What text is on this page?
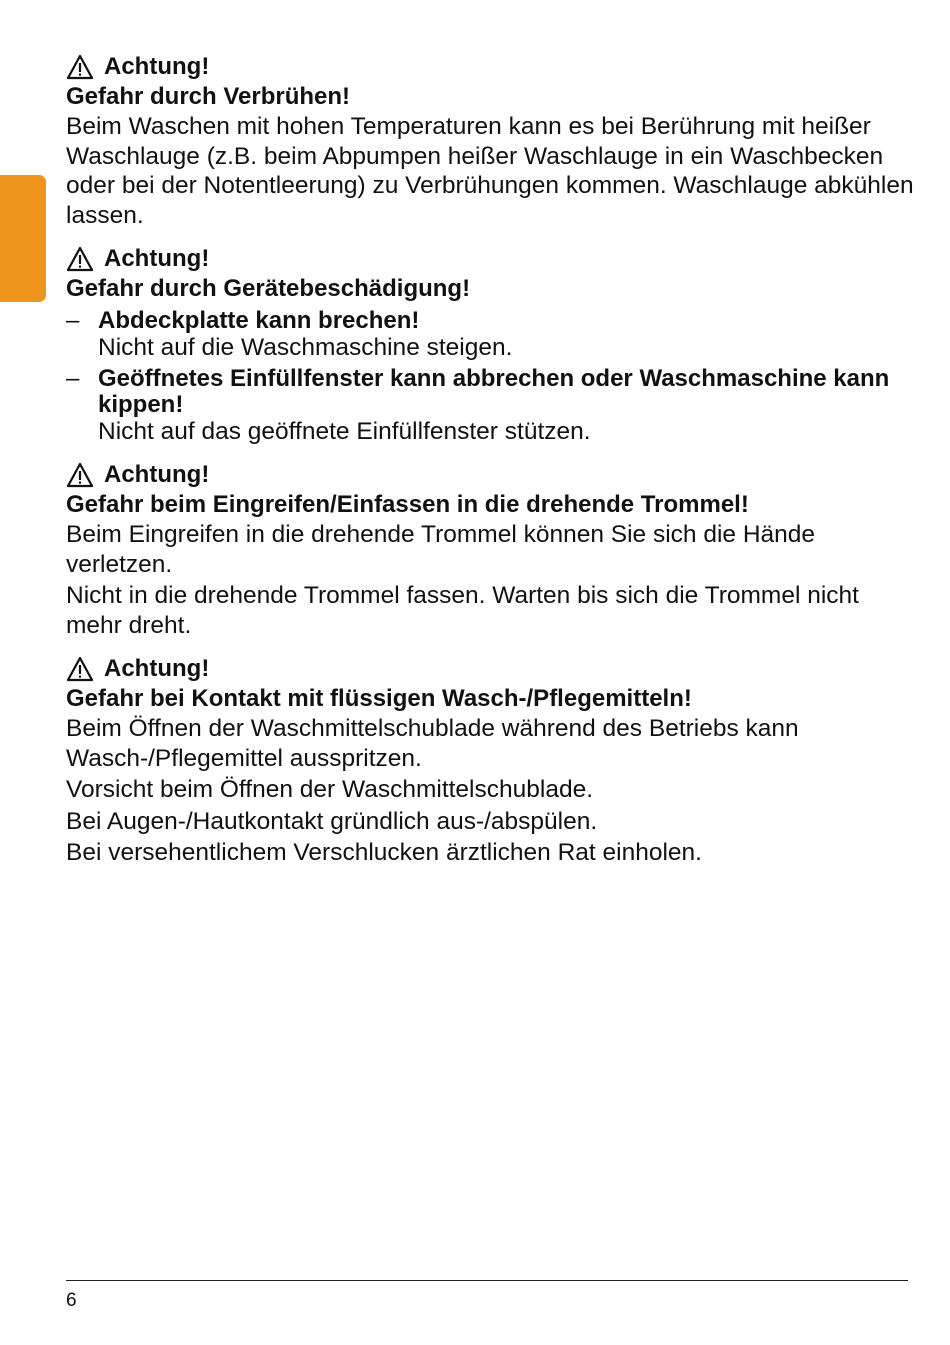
Achtung!
Gefahr durch Verbrühen!
Beim Waschen mit hohen Temperaturen kann es bei Berührung mit heißer Waschlauge (z.B. beim Abpumpen heißer Waschlauge in ein Waschbecken oder bei der Notentleerung) zu Verbrühungen kommen. Waschlauge abkühlen lassen.
Achtung!
Gefahr durch Gerätebeschädigung!
– Abdeckplatte kann brechen!
Nicht auf die Waschmaschine steigen.
– Geöffnetes Einfüllfenster kann abbrechen oder Waschmaschine kann kippen!
Nicht auf das geöffnete Einfüllfenster stützen.
Achtung!
Gefahr beim Eingreifen/Einfassen in die drehende Trommel!
Beim Eingreifen in die drehende Trommel können Sie sich die Hände verletzen.
Nicht in die drehende Trommel fassen. Warten bis sich die Trommel nicht mehr dreht.
Achtung!
Gefahr bei Kontakt mit flüssigen Wasch-/Pflegemitteln!
Beim Öffnen der Waschmittelschublade während des Betriebs kann Wasch-/Pflegemittel ausspritzen.
Vorsicht beim Öffnen der Waschmittelschublade.
Bei Augen-/Hautkontakt gründlich aus-/abspülen.
Bei versehentlichem Verschlucken ärztlichen Rat einholen.
6
